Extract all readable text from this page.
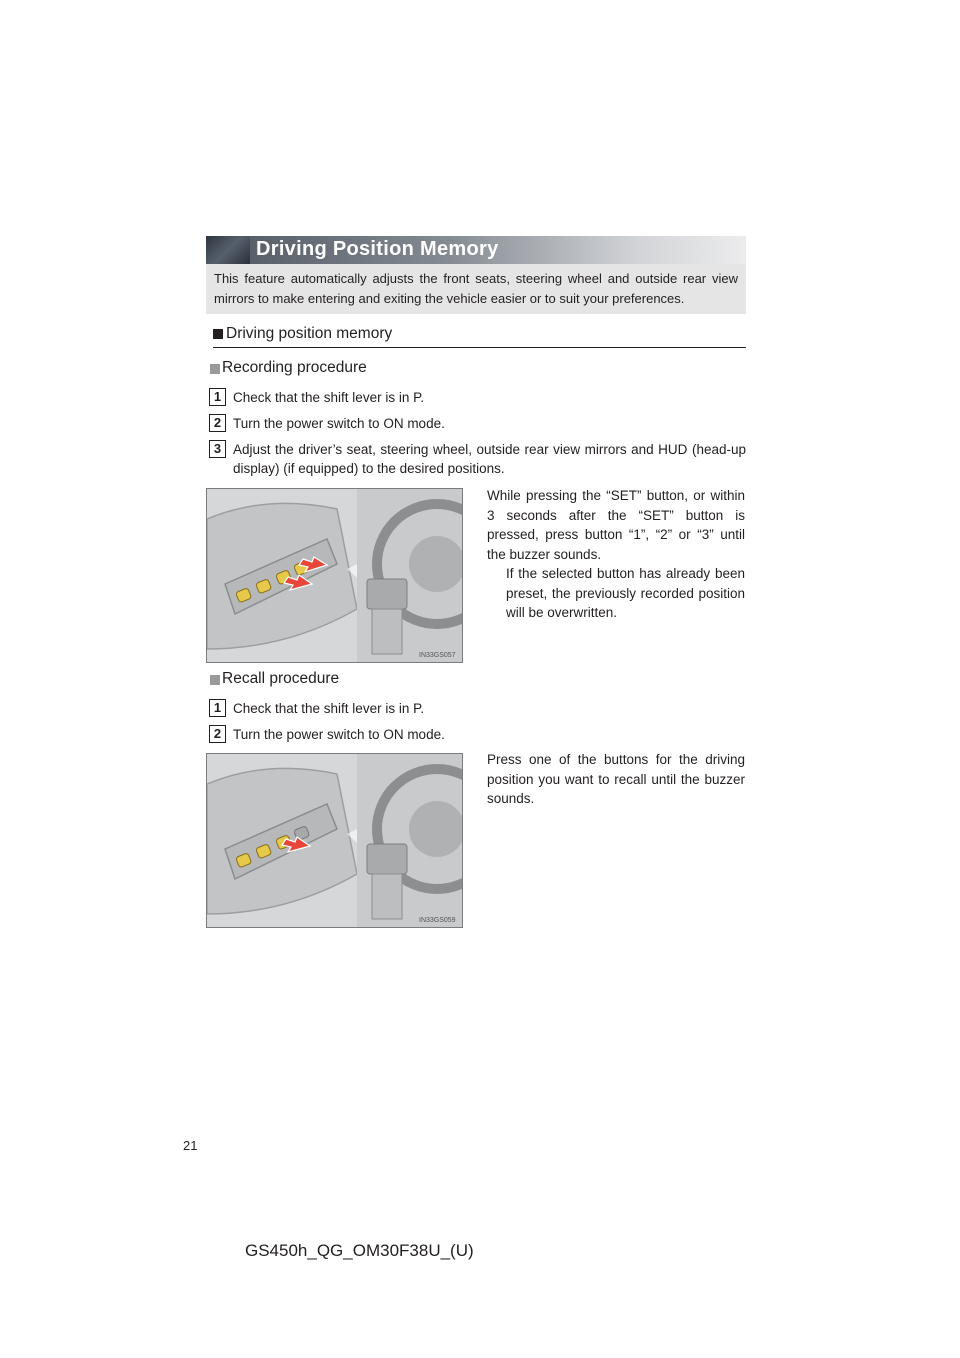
Driving Position Memory
This feature automatically adjusts the front seats, steering wheel and outside rear view mirrors to make entering and exiting the vehicle easier or to suit your preferences.
Driving position memory
Recording procedure
1 Check that the shift lever is in P.
2 Turn the power switch to ON mode.
3 Adjust the driver’s seat, steering wheel, outside rear view mirrors and HUD (head-up display) (if equipped) to the desired positions.
IN33GS057
While pressing the “SET” button, or within 3 seconds after the “SET” button is pressed, press button “1”, “2” or “3” until the buzzer sounds.
If the selected button has already been preset, the previously recorded position will be overwritten.
Recall procedure
1 Check that the shift lever is in P.
2 Turn the power switch to ON mode.
IN33GS059
Press one of the buttons for the driving position you want to recall until the buzzer sounds.
21
GS450h_QG_OM30F38U_(U)
